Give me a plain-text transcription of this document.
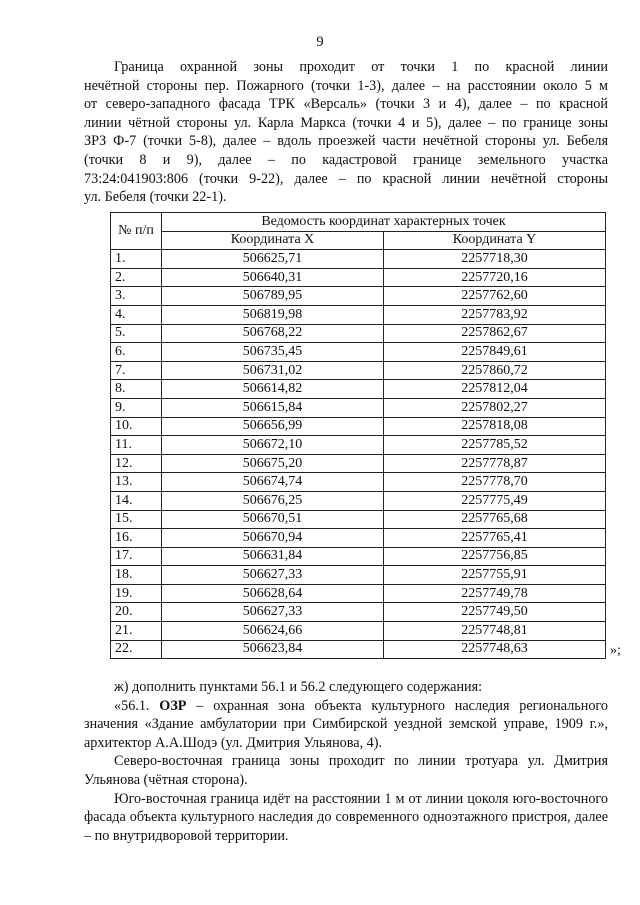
9
Граница охранной зоны проходит от точки 1 по красной линии
нечётной стороны пер. Пожарного (точки 1-3), далее – на расстоянии около 5 м
от северо-западного фасада ТРК «Версаль» (точки 3 и 4), далее – по красной
линии чётной стороны ул. Карла Маркса (точки 4 и 5), далее – по границе зоны
ЗРЗ Ф-7 (точки 5-8), далее – вдоль проезжей части нечётной стороны ул. Бебеля
(точки 8 и 9), далее – по кадастровой границе земельного участка
73:24:041903:806 (точки 9-22), далее – по красной линии нечётной стороны
ул. Бебеля (точки 22-1).
№ п/п	Ведомость координат характерных точек	
	Координата X	Координата Y
1.	506625,71	2257718,30
2.	506640,31	2257720,16
3.	506789,95	2257762,60
4.	506819,98	2257783,92
5.	506768,22	2257862,67
6.	506735,45	2257849,61
7.	506731,02	2257860,72
8.	506614,82	2257812,04
9.	506615,84	2257802,27
10.	506656,99	2257818,08
11.	506672,10	2257785,52
12.	506675,20	2257778,87
13.	506674,74	2257778,70
14.	506676,25	2257775,49
15.	506670,51	2257765,68
16.	506670,94	2257765,41
17.	506631,84	2257756,85
18.	506627,33	2257755,91
19.	506628,64	2257749,78
20.	506627,33	2257749,50
21.	506624,66	2257748,81
22.	506623,84	2257748,63	»;

ж) дополнить пунктами 56.1 и 56.2 следующего содержания:

«56.1. ОЗР – охранная зона объекта культурного наследия регионального значения «Здание амбулатории при Симбирской уездной земской управе, 1909 г.», архитектор А.А.Шодэ (ул. Дмитрия Ульянова, 4).

Северо-восточная граница зоны проходит по линии тротуара ул. Дмитрия Ульянова (чётная сторона).

Юго-восточная граница идёт на расстоянии 1 м от линии цоколя юго-восточного фасада объекта культурного наследия до современного одноэтажного пристроя, далее – по внутридворовой территории.
